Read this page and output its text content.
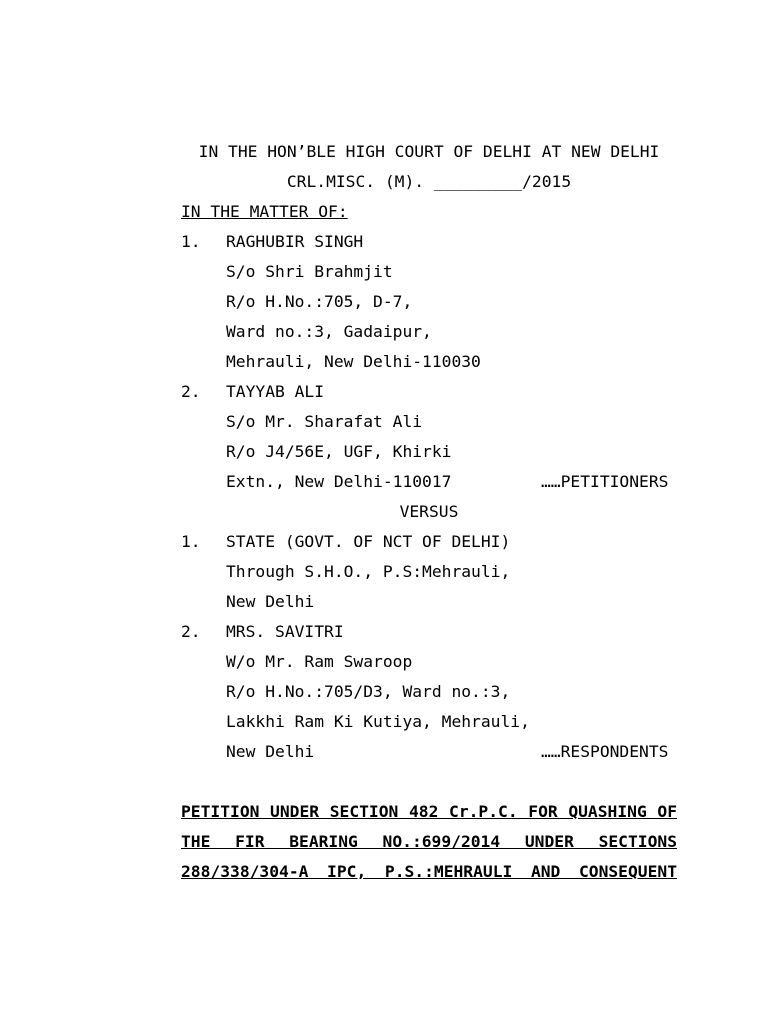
IN THE HON’BLE HIGH COURT OF DELHI AT NEW DELHI
CRL.MISC. (M). _________/2015
IN THE MATTER OF:
1. RAGHUBIR SINGH
S/o Shri Brahmjit
R/o H.No.:705, D-7,
Ward no.:3, Gadaipur,
Mehrauli, New Delhi-110030
2. TAYYAB ALI
S/o Mr. Sharafat Ali
R/o J4/56E, UGF, Khirki
Extn., New Delhi-110017	……PETITIONERS
VERSUS
1. STATE (GOVT. OF NCT OF DELHI)
Through S.H.O., P.S:Mehrauli,
New Delhi
2. MRS. SAVITRI
W/o Mr. Ram Swaroop
R/o H.No.:705/D3, Ward no.:3,
Lakkhi Ram Ki Kutiya, Mehrauli,
New Delhi	……RESPONDENTS
PETITION UNDER SECTION 482 Cr.P.C. FOR QUASHING OF
THE FIR BEARING NO.:699/2014 UNDER SECTIONS
288/338/304-A IPC, P.S.:MEHRAULI AND CONSEQUENT
